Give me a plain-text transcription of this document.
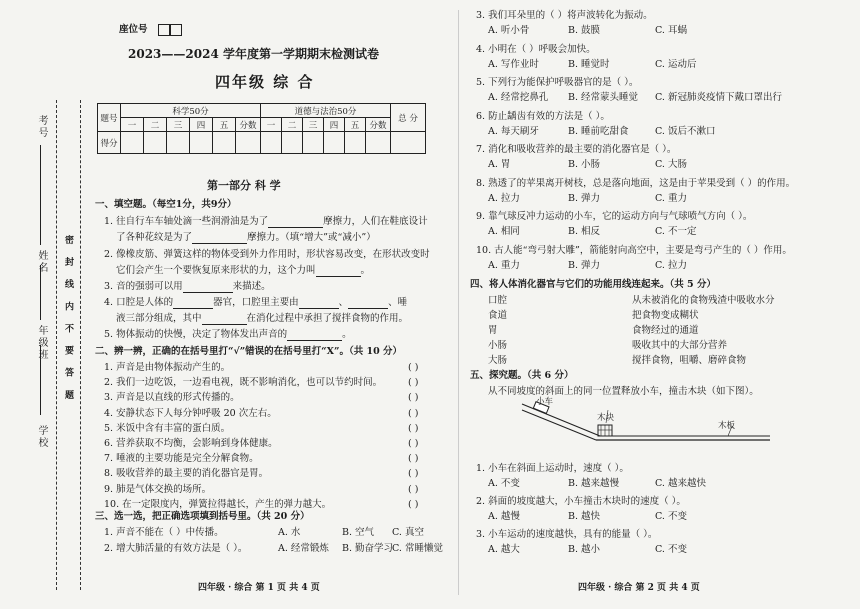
座位号
2023——2024 学年度第一学期期末检测试卷
四年级 综 合
学校
年级班
姓名
考号
密 封 线 内 不 要 答 题
题号	科学50分						道德与法治50分						总 分
	一	二	三	四	五	分数	一	二	三	四	五	分数	
得分													
第一部分 科 学
一、填空题。（每空1分，共9分）
1. 往自行车车轴处滴一些润滑油是为了	摩擦力，人们在鞋底设计
了各种花纹是为了	摩擦力。（填“增大”或“减小”）
2. 像橡皮筋、弹簧这样的物体受到外力作用时，形状容易改变，在形状改变时
它们会产生一个要恢复原来形状的力，这个力叫	。
3. 音的强弱可以用	来描述。
4. 口腔是人体的	器官，口腔里主要由	、	、唾
液三部分组成，其中	在消化过程中承担了搅拌食物的作用。
5. 物体振动的快慢，决定了物体发出声音的	。
二、辨一辨，正确的在括号里打“√”错误的在括号里打“X”。（共 10 分）
1. 声音是由物体振动产生的。	( )
2. 我们一边吃饭，一边看电视，既不影响消化，也可以节约时间。	( )
3. 声音是以直线的形式传播的。	( )
4. 安静状态下人每分钟呼吸 20 次左右。	( )
5. 米饭中含有丰富的蛋白质。	( )
6. 营养获取不均衡，会影响到身体健康。	( )
7. 唾液的主要功能是完全分解食物。	( )
8. 吸收营养的最主要的消化器官是胃。	( )
9. 肺是气体交换的场所。	( )
10. 在一定限度内，弹簧拉得越长，产生的弹力越大。	( )
三、选一选，把正确选项填到括号里。（共 20 分）
1. 声音不能在（ ）中传播。	A. 水	B. 空气 C. 真空
2. 增大肺活量的有效方法是（ ）。	A. 经常锻炼 B. 勤奋学习
C. 常睡懒觉
四年级 · 综合 第 1 页 共 4 页
3. 我们耳朵里的（ ）将声波转化为振动。
A. 听小骨	B. 鼓膜	C. 耳蜗
4. 小明在（ ）呼吸会加快。
A. 写作业时	B. 睡觉时	C. 运动后
5. 下列行为能保护呼吸器官的是（ ）。
A. 经常挖鼻孔 B. 经常蒙头睡觉 C. 新冠肺炎疫情下戴口罩出行
6. 防止龋齿有效的方法是（ ）。
A. 每天刷牙	B. 睡前吃甜食	C. 饭后不漱口
7. 消化和吸收营养的最主要的消化器官是（ ）。
A. 胃	B. 小肠	C. 大肠
8. 熟透了的苹果离开树枝，总是落向地面，这是由于苹果受到（ ）的作用。
A. 拉力	B. 弹力	C. 重力
9. 靠气球反冲力运动的小车，它的运动方向与气球喷气方向（ ）。
A. 相同	B. 相反	C. 不一定
10. 古人能“弯弓射大雕”，箭能射向高空中，主要是弯弓产生的（ ）作用。
A. 重力	B. 弹力	C. 拉力
四、将人体消化器官与它们的功能用线连起来。（共 5 分）
口腔	从未被消化的食物残渣中吸收水分
食道	把食物变成糊状
胃	食物经过的通道
小肠	吸收其中的大部分营养
大肠	搅拌食物，咀嚼、磨碎食物
五、探究题。（共 6 分）
从不同坡度的斜面上的同一位置释放小车，撞击木块（如下图）。
小车
木块
木板
1. 小车在斜面上运动时，速度（ ）。
A. 不变	B. 越来越慢	C. 越来越快
2. 斜面的坡度越大，小车撞击木块时的速度（ ）。
A. 越慢	B. 越快	C. 不变
3. 小车运动的速度越快，具有的能量（ ）。
A. 越大	B. 越小	C. 不变
四年级 · 综合 第 2 页 共 4 页
